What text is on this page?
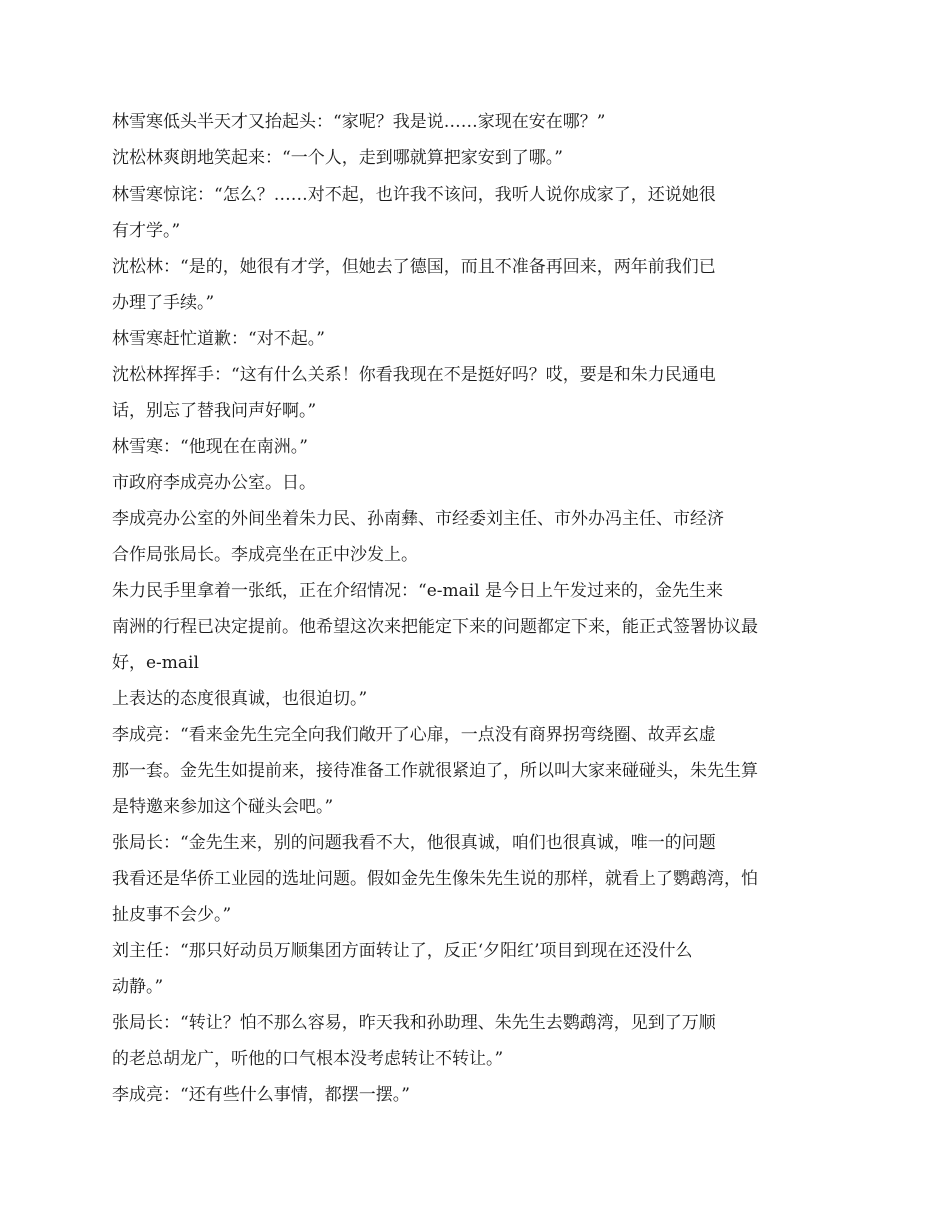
林雪寒低头半天才又抬起头：“家呢？我是说……家现在安在哪？”
沈松林爽朗地笑起来：“一个人，走到哪就算把家安到了哪。”
林雪寒惊诧：“怎么？……对不起，也许我不该问，我听人说你成家了，还说她很
有才学。”
沈松林：“是的，她很有才学，但她去了德国，而且不准备再回来，两年前我们已
办理了手续。”
林雪寒赶忙道歉：“对不起。”
沈松林挥挥手：“这有什么关系！你看我现在不是挺好吗？哎，要是和朱力民通电
话，别忘了替我问声好啊。”
林雪寒：“他现在在南洲。”
市政府李成亮办公室。日。
李成亮办公室的外间坐着朱力民、孙南彝、市经委刘主任、市外办冯主任、市经济
合作局张局长。李成亮坐在正中沙发上。
朱力民手里拿着一张纸，正在介绍情况：“e-mail 是今日上午发过来的，金先生来
南洲的行程已决定提前。他希望这次来把能定下来的问题都定下来，能正式签署协议最
好，e-mail
上表达的态度很真诚，也很迫切。”
李成亮：“看来金先生完全向我们敞开了心扉，一点没有商界拐弯绕圈、故弄玄虚
那一套。金先生如提前来，接待准备工作就很紧迫了，所以叫大家来碰碰头，朱先生算
是特邀来参加这个碰头会吧。”
张局长：“金先生来，别的问题我看不大，他很真诚，咱们也很真诚，唯一的问题
我看还是华侨工业园的选址问题。假如金先生像朱先生说的那样，就看上了鹦鹉湾，怕
扯皮事不会少。”
刘主任：“那只好动员万顺集团方面转让了，反正‘夕阳红’项目到现在还没什么
动静。”
张局长：“转让？怕不那么容易，昨天我和孙助理、朱先生去鹦鹉湾，见到了万顺
的老总胡龙广，听他的口气根本没考虑转让不转让。”
李成亮：“还有些什么事情，都摆一摆。”
